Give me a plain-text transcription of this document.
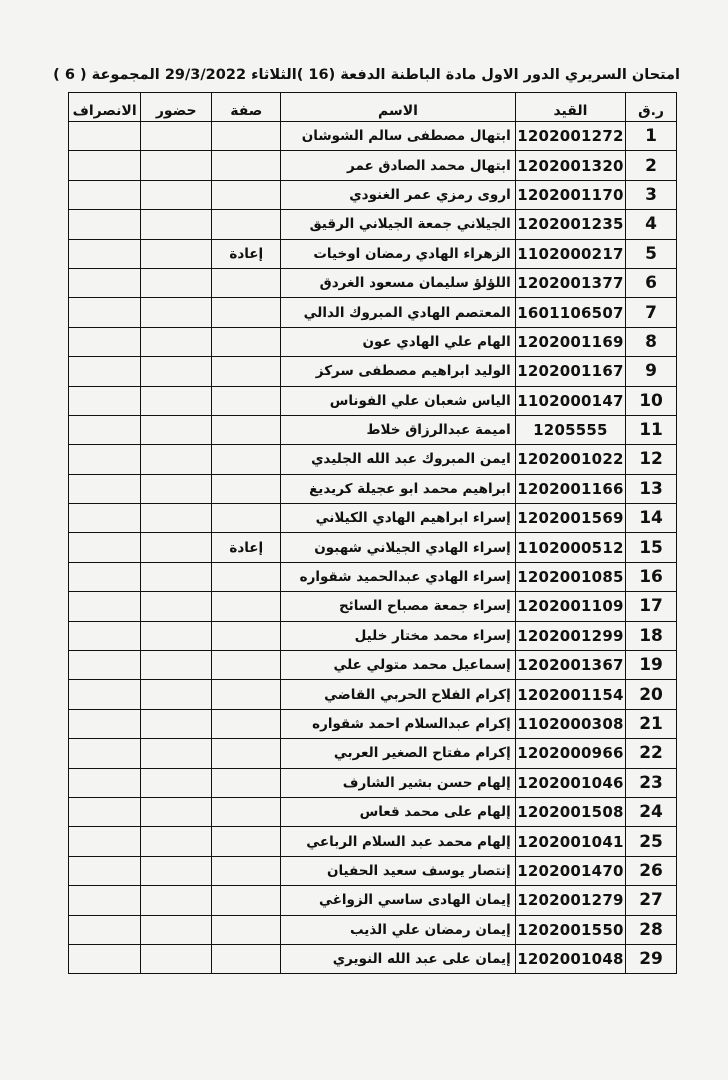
امتحان السريري الدور الاول مادة الباطنة الدفعة (16 )الثلاثاء 29/3/2022 المجموعة ( 6 )
ر.ق	القيد	الاسم	صفة	حضور	الانصراف
1	1202001272	ابتهال مصطفى سالم الشوشان			
2	1202001320	ابتهال محمد الصادق عمر			
3	1202001170	اروى رمزي عمر الغنودي			
4	1202001235	الجيلاني جمعة الجيلاني الرقيق			
5	1102000217	الزهراء الهادي رمضان اوخيات	إعادة		
6	1202001377	اللؤلؤ سليمان مسعود الغردق			
7	1601106507	المعتصم الهادي المبروك الدالي			
8	1202001169	الهام علي الهادي عون			
9	1202001167	الوليد ابراهيم مصطفى سركز			
10	1102000147	الياس شعبان علي الفوناس			
11	1205555	اميمة عبدالرزاق خلاط			
12	1202001022	ايمن المبروك عبد الله الجليدي			
13	1202001166	ابراهيم محمد ابو عجيلة كريديغ			
14	1202001569	إسراء ابراهيم الهادي الكيلاني			
15	1102000512	إسراء الهادي الجيلاني شهبون	إعادة		
16	1202001085	إسراء الهادي عبدالحميد شقواره			
17	1202001109	إسراء جمعة مصباح السائح			
18	1202001299	إسراء محمد مختار خليل			
19	1202001367	إسماعيل محمد متولي علي			
20	1202001154	إكرام الفلاح الحربي القاضي			
21	1102000308	إكرام عبدالسلام احمد شقواره			
22	1202000966	إكرام مفتاح الصغير العربي			
23	1202001046	إلهام حسن بشير الشارف			
24	1202001508	إلهام على محمد قعاس			
25	1202001041	إلهام محمد عبد السلام الرباعي			
26	1202001470	إنتصار يوسف سعيد الحفيان			
27	1202001279	إيمان الهادى ساسي الزواغي			
28	1202001550	إيمان رمضان علي الذيب			
29	1202001048	إيمان على عبد الله النويري			
